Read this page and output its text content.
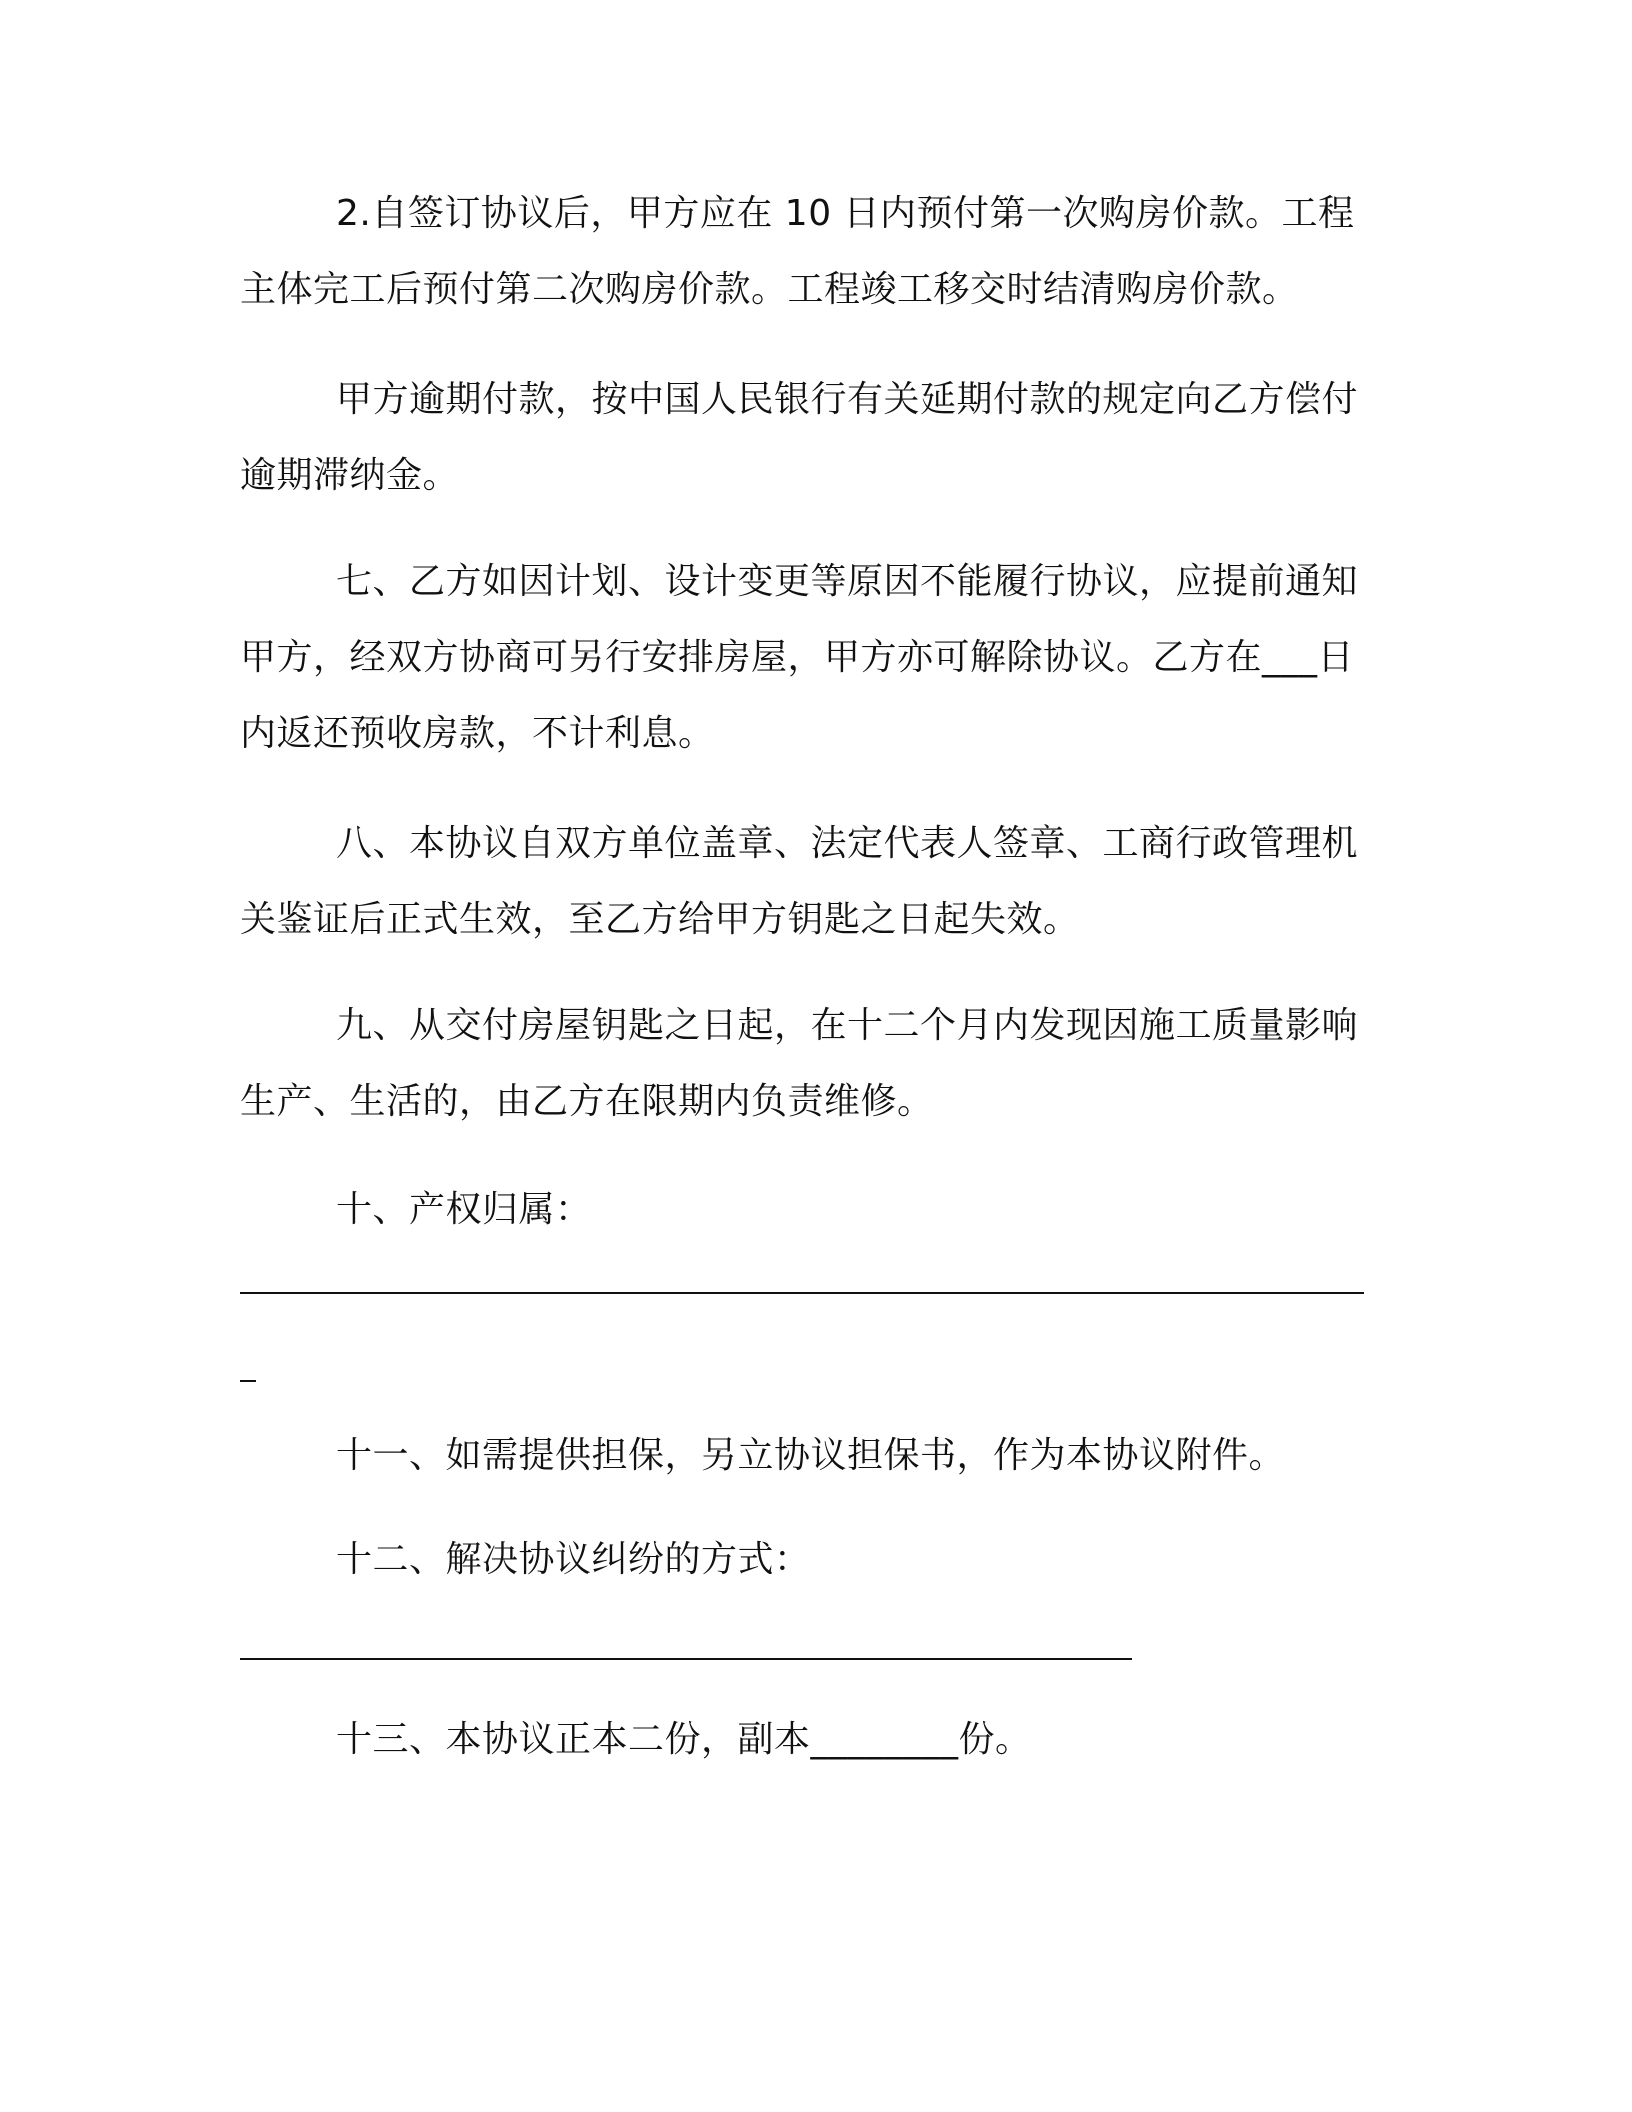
2.自签订协议后，甲方应在 10 日内预付第一次购房价款。工程主体完工后预付第二次购房价款。工程竣工移交时结清购房价款。

甲方逾期付款，按中国人民银行有关延期付款的规定向乙方偿付逾期滞纳金。

七、乙方如因计划、设计变更等原因不能履行协议，应提前通知甲方，经双方协商可另行安排房屋，甲方亦可解除协议。乙方在___日内返还预收房款，不计利息。

八、本协议自双方单位盖章、法定代表人签章、工商行政管理机关鉴证后正式生效，至乙方给甲方钥匙之日起失效。

九、从交付房屋钥匙之日起，在十二个月内发现因施工质量影响生产、生活的，由乙方在限期内负责维修。

十、产权归属：

十一、如需提供担保，另立协议担保书，作为本协议附件。

十二、解决协议纠纷的方式：

十三、本协议正本二份，副本________份。
